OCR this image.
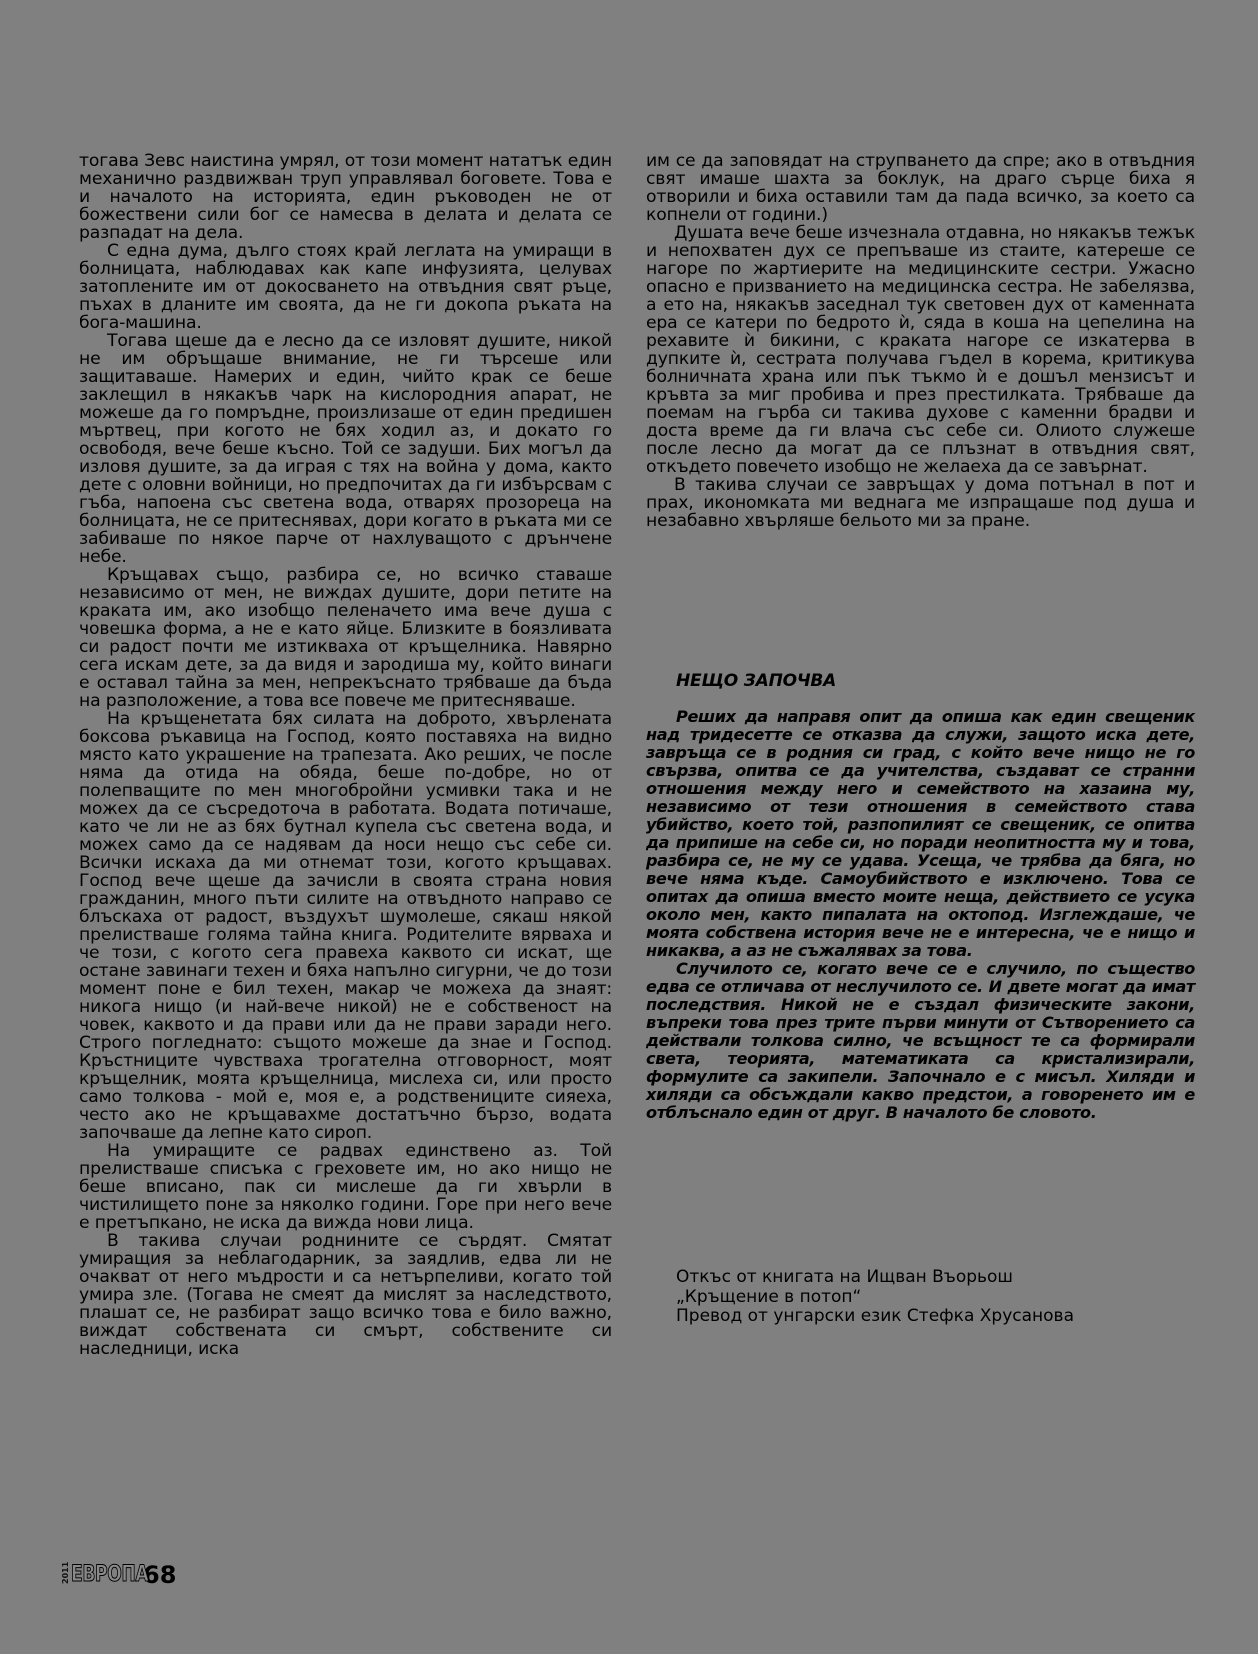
тогава Зевс наистина умрял, от този момент нататък един механично раздвижван труп управлявал боговете. Това е и началото на историята, един ръководен не от божествени сили бог се намесва в делата и делата се разпадат на дела.

С една дума, дълго стоях край леглата на умиращи в болницата, наблюдавах как капе инфузията, целувах затоплените им от докосването на отвъдния свят ръце, пъхах в дланите им своята, да не ги докопа ръката на бога-машина.

Тогава щеше да е лесно да се изловят душите, никой не им обръщаше внимание, не ги търсеше или защитаваше. Намерих и един, чийто крак се беше заклещил в някакъв чарк на кислородния апарат, не можеше да го помръдне, произлизаше от един предишен мъртвец, при когото не бях ходил аз, и докато го освободя, вече беше късно. Той се задуши. Бих могъл да изловя душите, за да играя с тях на война у дома, както дете с оловни войници, но предпочитах да ги избърсвам с гъба, напоена със светена вода, отварях прозореца на болницата, не се притеснявах, дори когато в ръката ми се забиваше по някое парче от нахлуващото с дрънчене небе.

Кръщавах също, разбира се, но всичко ставаше независимо от мен, не виждах душите, дори петите на краката им, ако изобщо пеленачето има вече душа с човешка форма, а не е като яйце. Близките в боязливата си радост почти ме изтикваха от кръщелника. Навярно сега искам дете, за да видя и зародиша му, който винаги е оставал тайна за мен, непрекъснато трябваше да бъда на разположение, а това все повече ме притесняваше.

На кръщенетата бях силата на доброто, хвърлената боксова ръкавица на Господ, която поставяха на видно място като украшение на трапезата. Ако реших, че после няма да отида на обяда, беше по-добре, но от полепващите по мен многобройни усмивки така и не можех да се съсредоточа в работата. Водата потичаше, като че ли не аз бях бутнал купела със светена вода, и можех само да се надявам да носи нещо със себе си. Всички искаха да ми отнемат този, когото кръщавах. Господ вече щеше да зачисли в своята страна новия гражданин, много пъти силите на отвъдното направо се блъскаха от радост, въздухът шумолеше, сякаш някой прелистваше голяма тайна книга. Родителите вярваха и че този, с когото сега правеха каквото си искат, ще остане завинаги техен и бяха напълно сигурни, че до този момент поне е бил техен, макар че можеха да знаят: никога нищо (и най-вече никой) не е собственост на човек, каквото и да прави или да не прави заради него. Строго погледнато: същото можеше да знае и Господ. Кръстниците чувстваха трогателна отговорност, моят кръщелник, моята кръщелница, мислеха си, или просто само толкова - мой е, моя е, а родствениците сияеха, често ако не кръщавахме достатъчно бързо, водата започваше да лепне като сироп.

На умиращите се радвах единствено аз. Той прелистваше списъка с греховете им, но ако нищо не беше вписано, пак си мислеше да ги хвърли в чистилището поне за няколко години. Горе при него вече е претъпкано, не иска да вижда нови лица.

В такива случаи роднините се сърдят. Смятат умиращия за неблагодарник, за заядлив, едва ли не очакват от него мъдрости и са нетърпеливи, когато той умира зле. (Тогава не смеят да мислят за наследството, плашат се, не разбират защо всичко това е било важно, виждат собствената си смърт, собствените си наследници, иска

им се да заповядат на струпването да спре; ако в отвъдния свят имаше шахта за боклук, на драго сърце биха я отворили и биха оставили там да пада всичко, за което са копнели от години.)

Душата вече беше изчезнала отдавна, но някакъв тежък и непохватен дух се препъваше из стаите, катереше се нагоре по жартиерите на медицинските сестри. Ужасно опасно е призванието на медицинска сестра. Не забелязва, а ето на, някакъв заседнал тук световен дух от каменната ера се катери по бедрото ѝ, сяда в коша на цепелина на рехавите ѝ бикини, с краката нагоре се изкатерва в дупките ѝ, сестрата получава гъдел в корема, критикува болничната храна или пък тъкмо ѝ е дошъл мензисът и кръвта за миг пробива и през престилката. Трябваше да поемам на гърба си такива духове с каменни брадви и доста време да ги влача със себе си. Олиото служеше после лесно да могат да се плъзнат в отвъдния свят, откъдето повечето изобщо не желаеха да се завърнат.

В такива случаи се завръщах у дома потънал в пот и прах, икономката ми веднага ме изпращаше под душа и незабавно хвърляше бельото ми за пране.

НЕЩО ЗАПОЧВА

Реших да направя опит да опиша как един свещеник над тридесетте се отказва да служи, защото иска дете, завръща се в родния си град, с който вече нищо не го свързва, опитва се да учителства, създават се странни отношения между него и семейството на хазаина му, независимо от тези отношения в семейството става убийство, което той, разпопилият се свещеник, се опитва да припише на себе си, но поради неопитността му и това, разбира се, не му се удава. Усеща, че трябва да бяга, но вече няма къде. Самоубийството е изключено. Това се опитах да опиша вместо моите неща, действието се усука около мен, както пипалата на октопод. Изглеждаше, че моята собствена история вече не е интересна, че е нищо и никаква, а аз не съжалявах за това.

Случилото се, когато вече се е случило, по същество едва се отличава от неслучилото се. И двете могат да имат последствия. Никой не е създал физическите закони, въпреки това през трите първи минути от Сътворението са действали толкова силно, че всъщност те са формирали света, теорията, математиката са кристализирали, формулите са закипели. Започнало е с мисъл. Хиляди и хиляди са обсъждали какво предстои, а говоренето им е отблъснало един от друг. В началото бе словото.

Откъс от книгата на Ищван Въорьош
„Кръщение в потоп“
Превод от унгарски език Стефка Хрусанова
2011 ЕВРОПА
68
